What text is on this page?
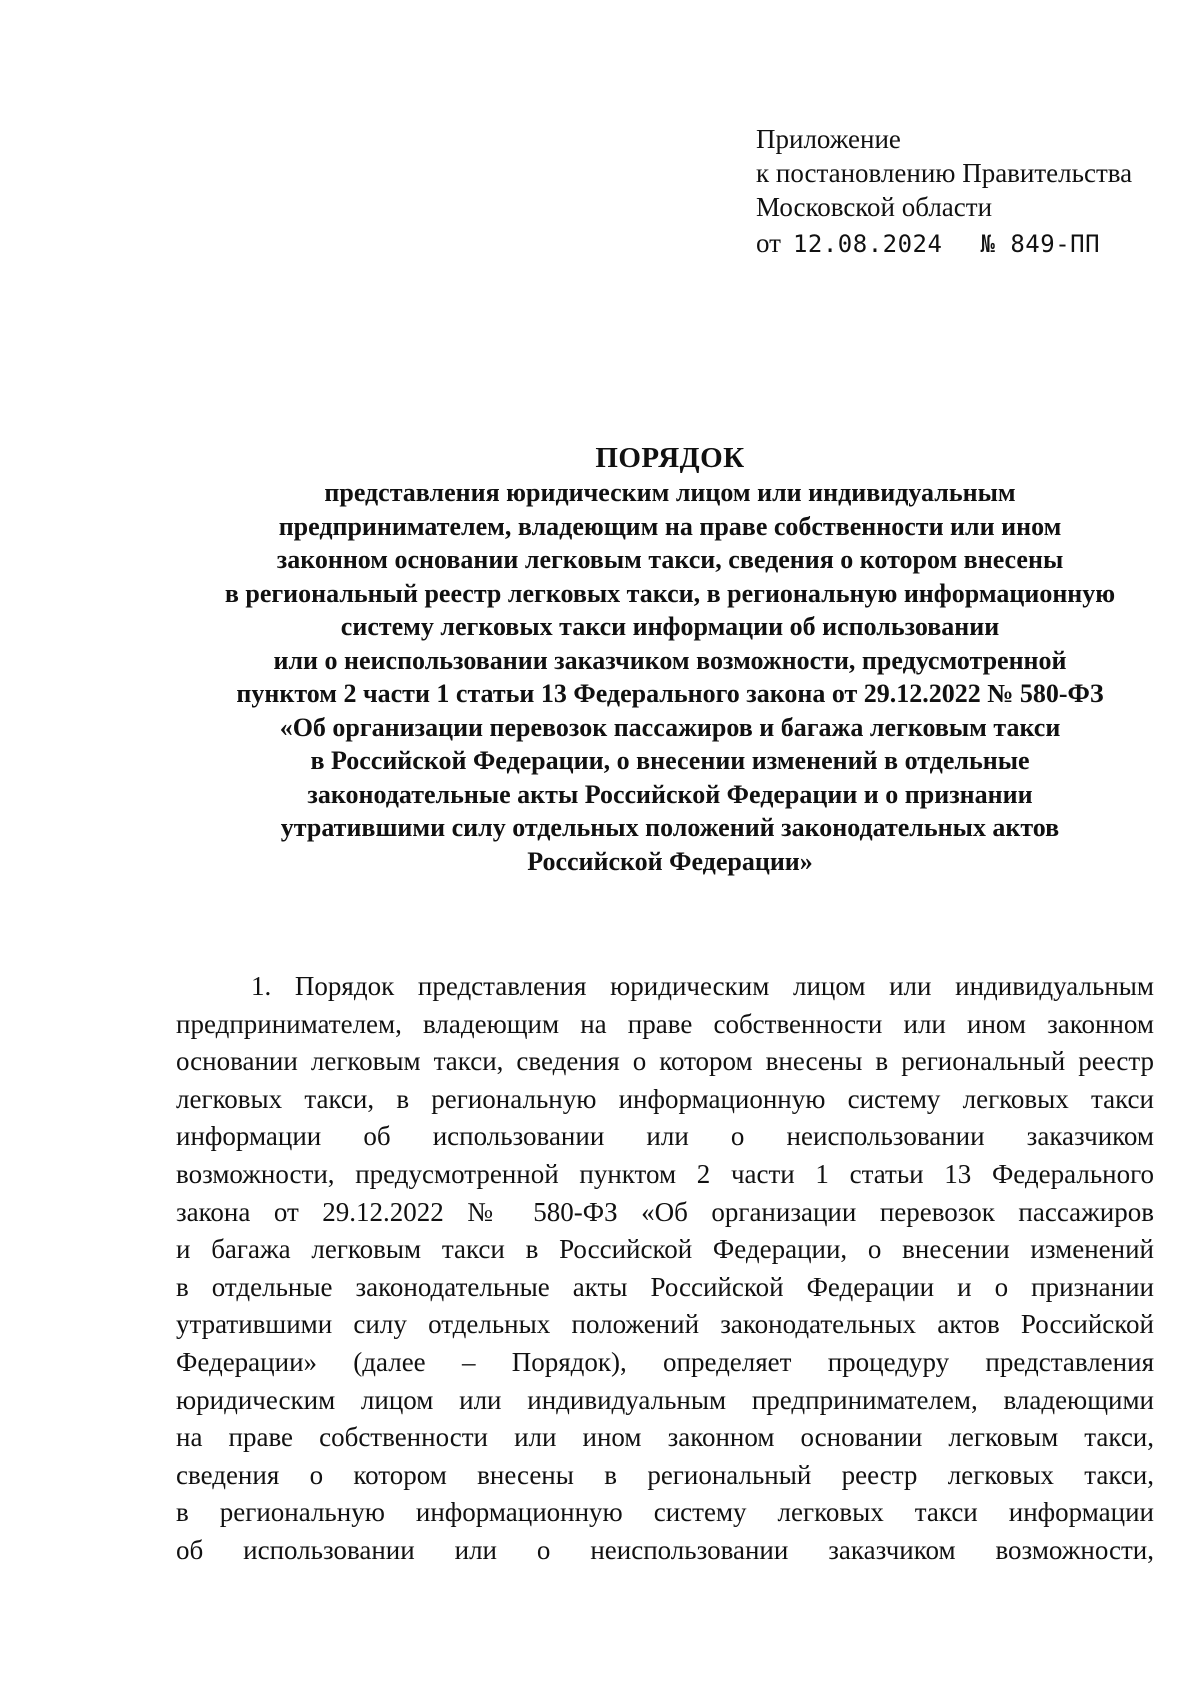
Приложение
к постановлению Правительства
Московской области
от 12.08.2024 № 849-ПП
ПОРЯДОК
представления юридическим лицом или индивидуальным
предпринимателем, владеющим на праве собственности или ином
законном основании легковым такси, сведения о котором внесены
в региональный реестр легковых такси, в региональную информационную
систему легковых такси информации об использовании
или о неиспользовании заказчиком возможности, предусмотренной
пунктом 2 части 1 статьи 13 Федерального закона от 29.12.2022 № 580-ФЗ
«Об организации перевозок пассажиров и багажа легковым такси
в Российской Федерации, о внесении изменений в отдельные
законодательные акты Российской Федерации и о признании
утратившими силу отдельных положений законодательных актов
Российской Федерации»
1. Порядок представления юридическим лицом или индивидуальным
предпринимателем, владеющим на праве собственности или ином законном
основании легковым такси, сведения о котором внесены в региональный реестр
легковых такси, в региональную информационную систему легковых такси
информации об использовании или о неиспользовании заказчиком
возможности, предусмотренной пунктом 2 части 1 статьи 13 Федерального
закона от 29.12.2022 № 580-ФЗ «Об организации перевозок пассажиров
и багажа легковым такси в Российской Федерации, о внесении изменений
в отдельные законодательные акты Российской Федерации и о признании
утратившими силу отдельных положений законодательных актов Российской
Федерации» (далее – Порядок), определяет процедуру представления
юридическим лицом или индивидуальным предпринимателем, владеющими
на праве собственности или ином законном основании легковым такси,
сведения о котором внесены в региональный реестр легковых такси,
в региональную информационную систему легковых такси информации
об использовании или о неиспользовании заказчиком возможности,
